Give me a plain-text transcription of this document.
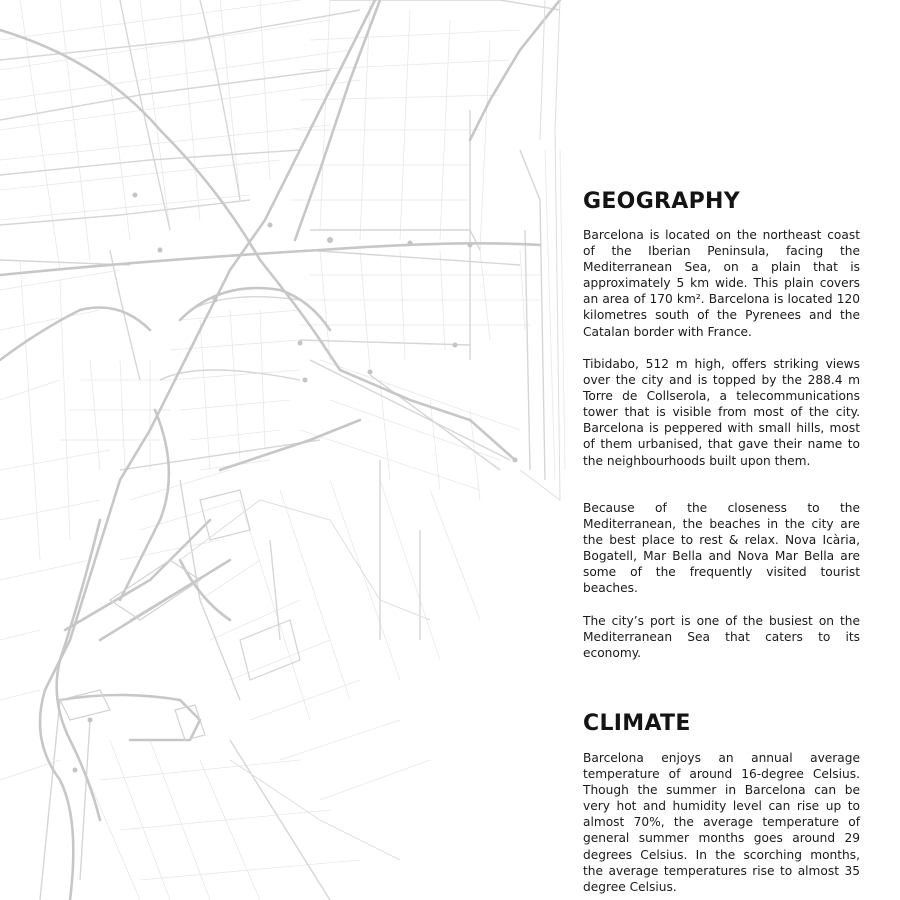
GEOGRAPHY

Barcelona is located on the northeast coast of the Iberian Peninsula, facing the Mediterranean Sea, on a plain that is approximately 5 km wide. This plain covers an area of 170 km². Barcelona is located 120 kilometres south of the Pyrenees and the Catalan border with France.

Tibidabo, 512 m high, offers striking views over the city and is topped by the 288.4 m Torre de Collserola, a telecommunications tower that is visible from most of the city. Barcelona is peppered with small hills, most of them urbanised, that gave their name to the neighbourhoods built upon them.

Because of the closeness to the Mediterranean, the beaches in the city are the best place to rest & relax. Nova Icària, Bogatell, Mar Bella and Nova Mar Bella are some of the frequently visited tourist beaches.

The city’s port is one of the busiest on the Mediterranean Sea that caters to its economy.

CLIMATE

Barcelona enjoys an annual average temperature of around 16-degree Celsius. Though the summer in Barcelona can be very hot and humidity level can rise up to almost 70%, the average temperature of general summer months goes around 29 degrees Celsius. In the scorching months, the average temperatures rise to almost 35 degree Celsius.
